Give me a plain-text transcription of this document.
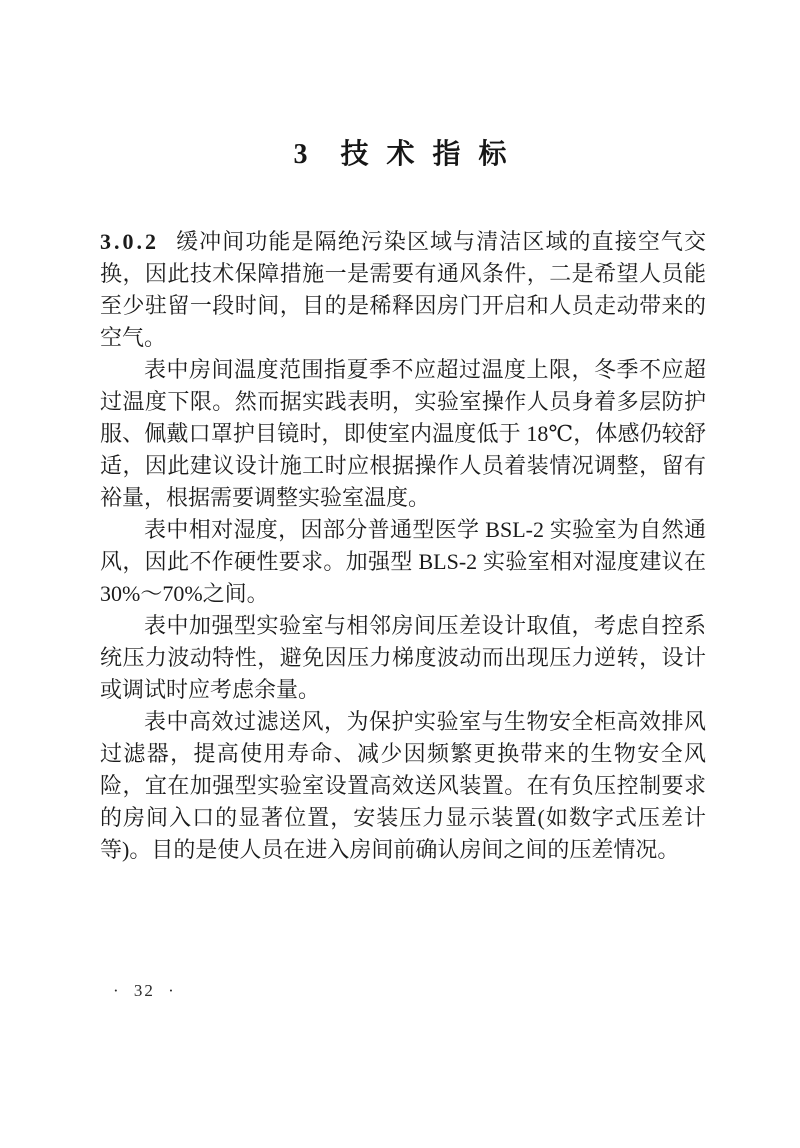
3 技术指标

3.0.2 缓冲间功能是隔绝污染区域与清洁区域的直接空气交换，因此技术保障措施一是需要有通风条件，二是希望人员能至少驻留一段时间，目的是稀释因房门开启和人员走动带来的空气。

表中房间温度范围指夏季不应超过温度上限，冬季不应超过温度下限。然而据实践表明，实验室操作人员身着多层防护服、佩戴口罩护目镜时，即使室内温度低于 18℃，体感仍较舒适，因此建议设计施工时应根据操作人员着装情况调整，留有裕量，根据需要调整实验室温度。

表中相对湿度，因部分普通型医学 BSL-2 实验室为自然通风，因此不作硬性要求。加强型 BLS-2 实验室相对湿度建议在 30%～70%之间。

表中加强型实验室与相邻房间压差设计取值，考虑自控系统压力波动特性，避免因压力梯度波动而出现压力逆转，设计或调试时应考虑余量。

表中高效过滤送风，为保护实验室与生物安全柜高效排风过滤器，提高使用寿命、减少因频繁更换带来的生物安全风险，宜在加强型实验室设置高效送风装置。在有负压控制要求的房间入口的显著位置，安装压力显示装置(如数字式压差计等)。目的是使人员在进入房间前确认房间之间的压差情况。

· 32 ·
